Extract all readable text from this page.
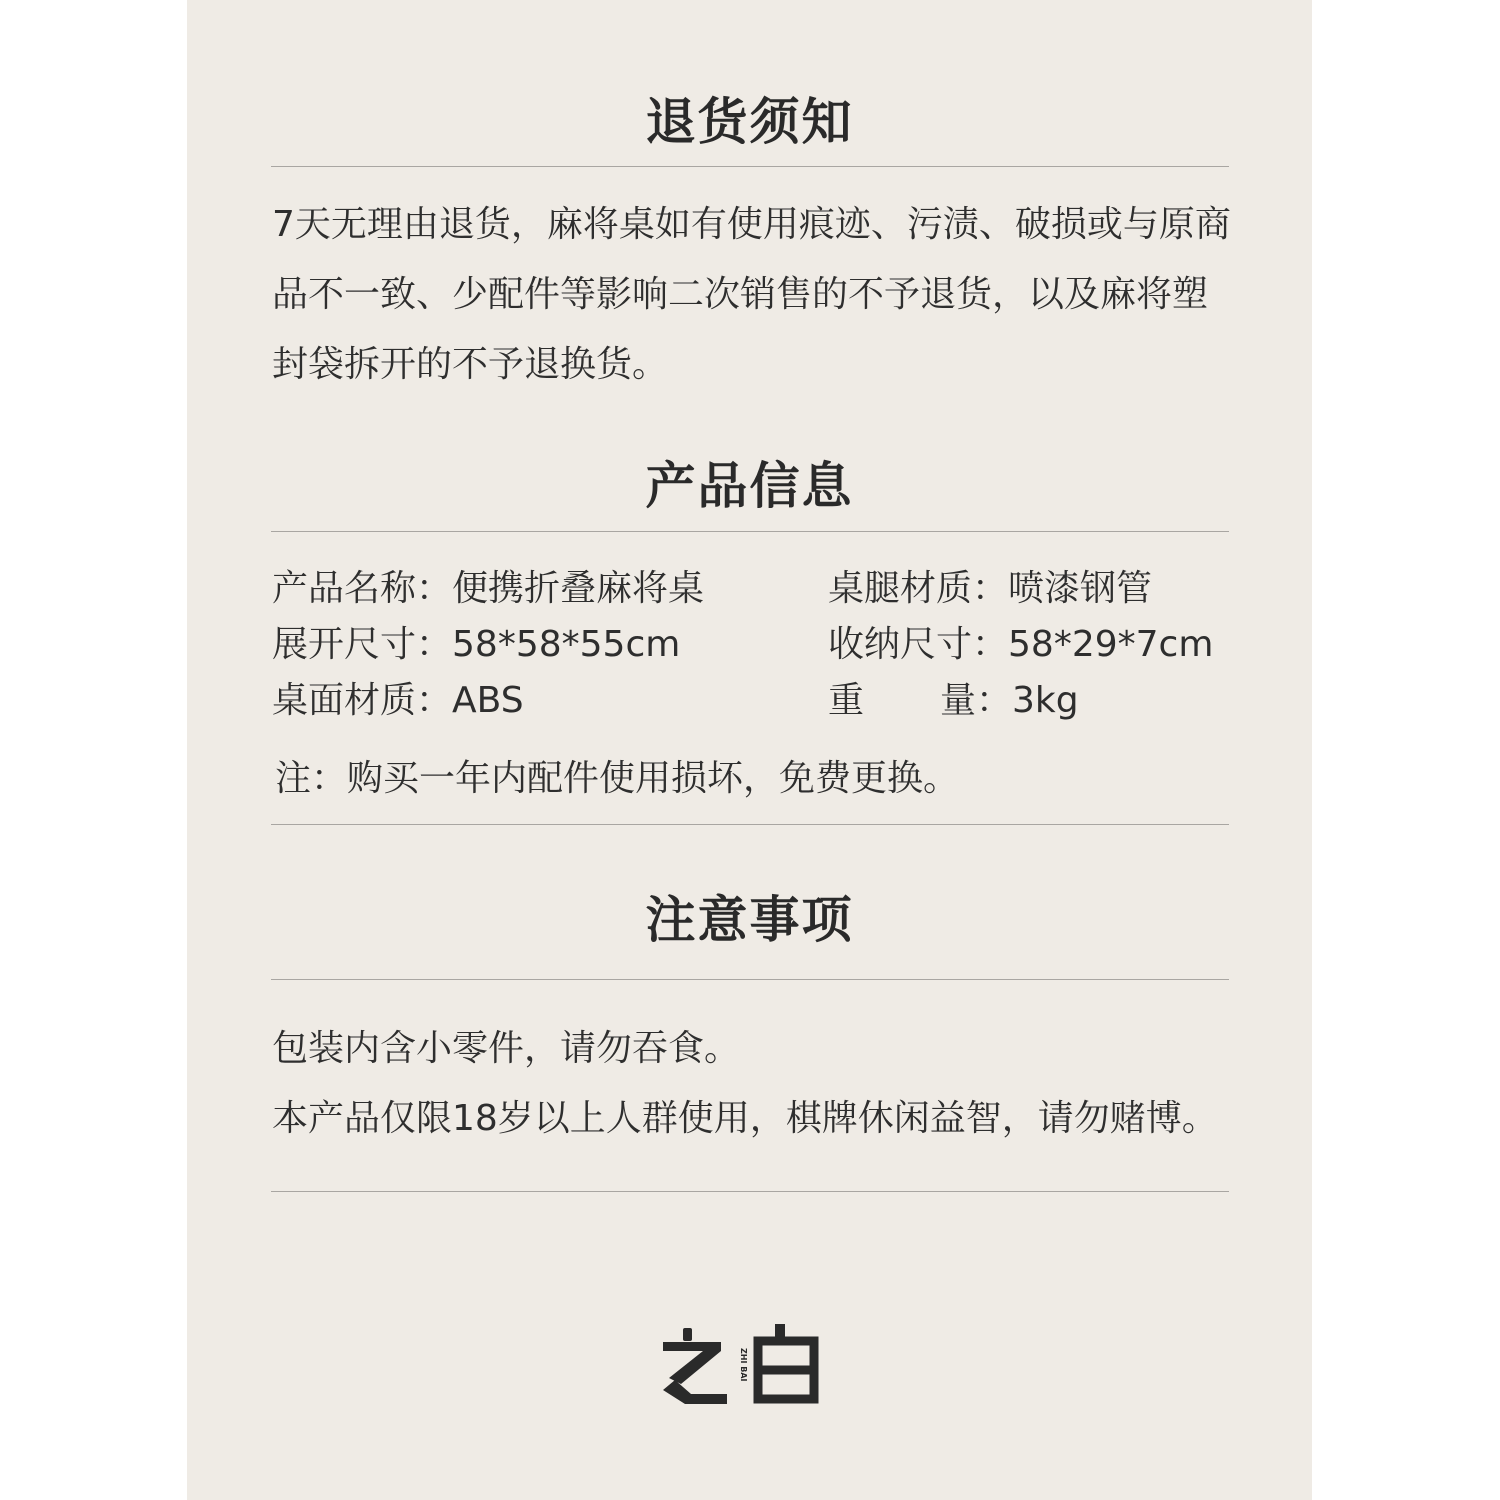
退货须知

7天无理由退货，麻将桌如有使用痕迹、污渍、破损或与原商品不一致、少配件等影响二次销售的不予退货，以及麻将塑封袋拆开的不予退换货。

产品信息
产品名称：便携折叠麻将桌	桌腿材质：喷漆钢管
展开尺寸：58*58*55cm	收纳尺寸：58*29*7cm
桌面材质：ABS	重 量：3kg
注：购买一年内配件使用损坏，免费更换。
注意事项
包装内含小零件，请勿吞食。
本产品仅限18岁以上人群使用，棋牌休闲益智，请勿赌博。
ZHI BAI
